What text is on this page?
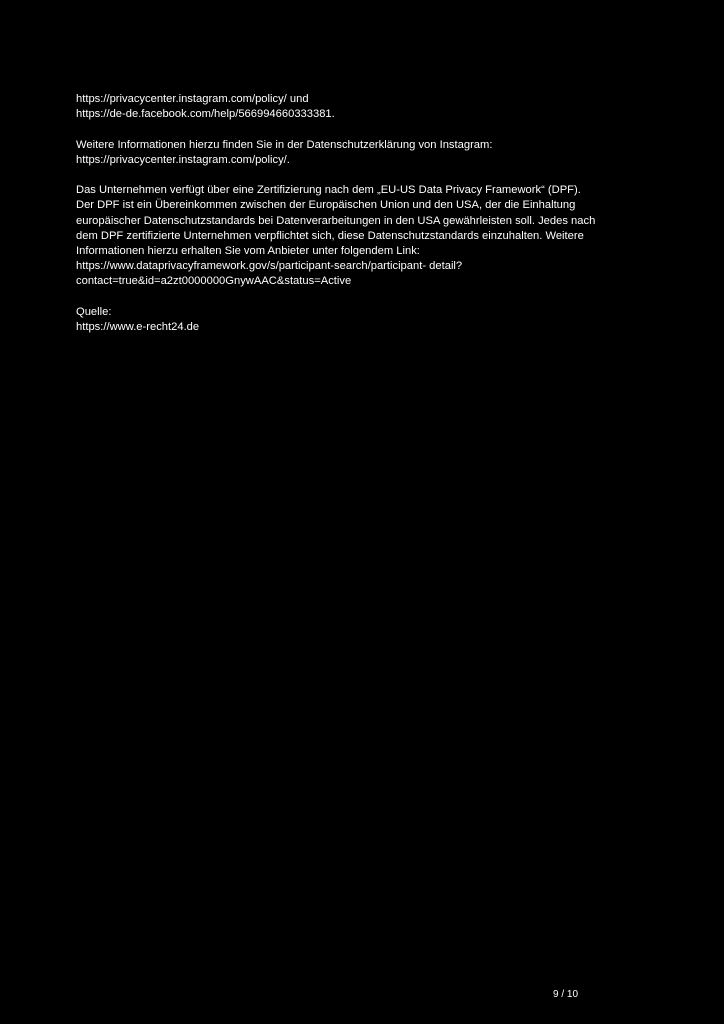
https://privacycenter.instagram.com/policy/ und
https://de-de.facebook.com/help/566994660333381.

Weitere Informationen hierzu finden Sie in der Datenschutzerklärung von Instagram:
https://privacycenter.instagram.com/policy/.

Das Unternehmen verfügt über eine Zertifizierung nach dem „EU-US Data Privacy Framework“ (DPF).
Der DPF ist ein Übereinkommen zwischen der Europäischen Union und den USA, der die Einhaltung
europäischer Datenschutzstandards bei Datenverarbeitungen in den USA gewährleisten soll. Jedes nach
dem DPF zertifizierte Unternehmen verpflichtet sich, diese Datenschutzstandards einzuhalten. Weitere
Informationen hierzu erhalten Sie vom Anbieter unter folgendem Link:
https://www.dataprivacyframework.gov/s/participant-search/participant- detail?
contact=true&id=a2zt0000000GnywAAC&status=Active

Quelle:
https://www.e-recht24.de

9 / 10
